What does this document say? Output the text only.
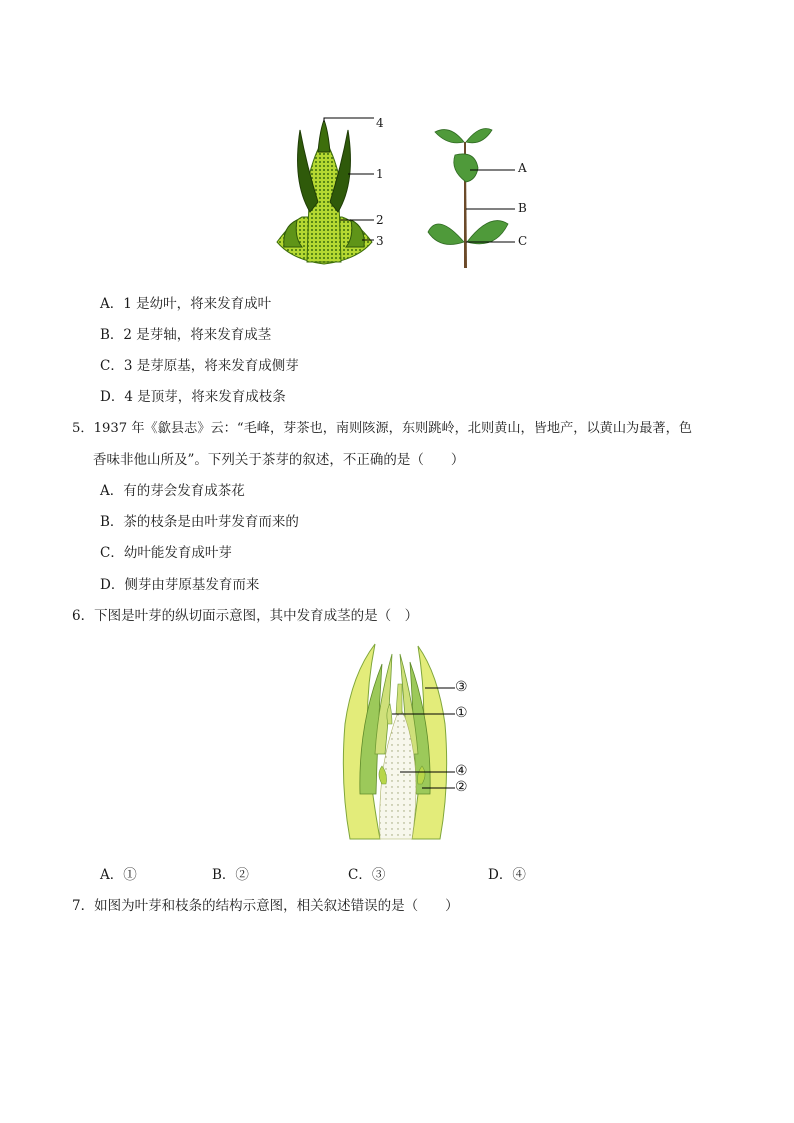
4
1
2
3
A
B
C
A．1 是幼叶，将来发育成叶
B．2 是芽轴，将来发育成茎
C．3 是芽原基，将来发育成侧芽
D．4 是顶芽，将来发育成枝条
5．1937 年《歙县志》云：“毛峰，芽茶也，南则陔源，东则跳岭，北则黄山，皆地产，以黄山为最著，色
香味非他山所及”。下列关于茶芽的叙述，不正确的是（　　）
A．有的芽会发育成茶花
B．茶的枝条是由叶芽发育而来的
C．幼叶能发育成叶芽
D．侧芽由芽原基发育而来
6．下图是叶芽的纵切面示意图，其中发育成茎的是（　）
③
①
④
②
A．①	B．②	C．③	D．④
7．如图为叶芽和枝条的结构示意图，相关叙述错误的是（　　）
